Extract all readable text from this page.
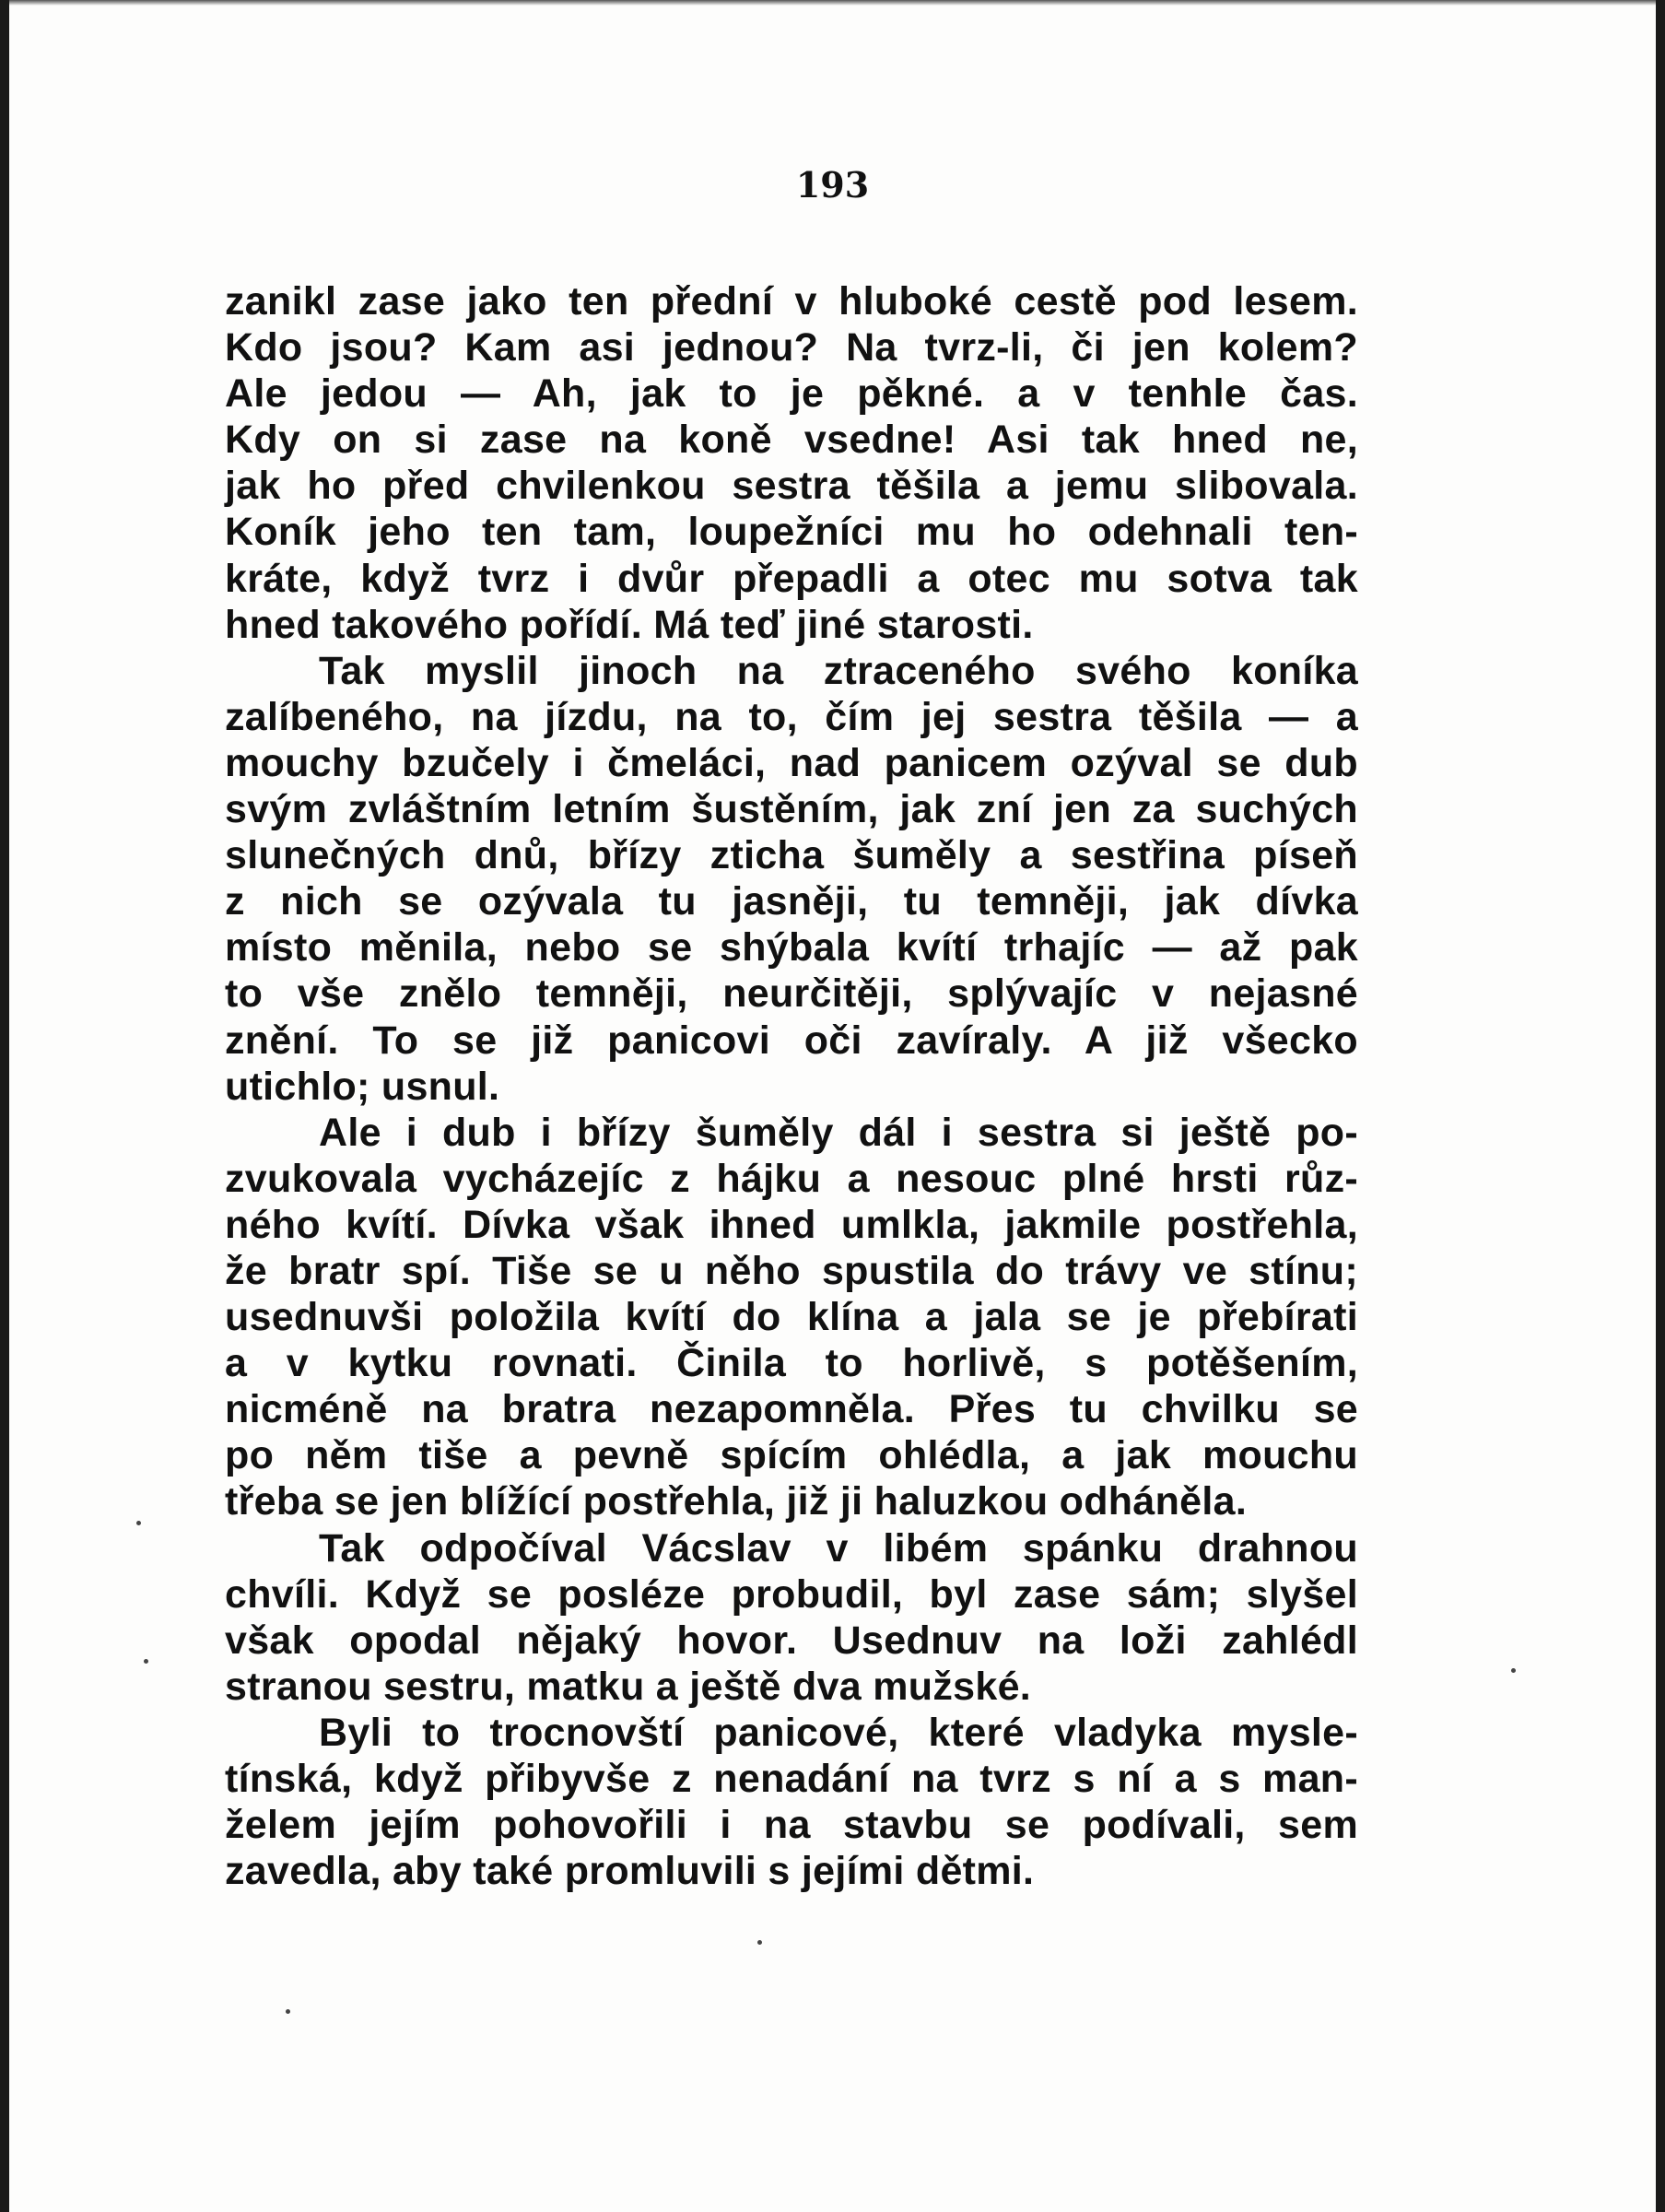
193
zanikl zase jako ten přední v hluboké cestě pod lesem.
Kdo jsou? Kam asi jednou? Na tvrz-li, či jen kolem?
Ale jedou — Ah, jak to je pěkné. a v tenhle čas.
Kdy on si zase na koně vsedne! Asi tak hned ne,
jak ho před chvilenkou sestra těšila a jemu slibovala.
Koník jeho ten tam, loupežníci mu ho odehnali ten-
kráte, když tvrz i dvůr přepadli a otec mu sotva tak
hned takového pořídí. Má teď jiné starosti.
Tak myslil jinoch na ztraceného svého koníka
zalíbeného, na jízdu, na to, čím jej sestra těšila — a
mouchy bzučely i čmeláci, nad panicem ozýval se dub
svým zvláštním letním šustěním, jak zní jen za suchých
slunečných dnů, břízy zticha šuměly a sestřina píseň
z nich se ozývala tu jasněji, tu temněji, jak dívka
místo měnila, nebo se shýbala kvítí trhajíc — až pak
to vše znělo temněji, neurčitěji, splývajíc v nejasné
znění. To se již panicovi oči zavíraly. A již všecko
utichlo; usnul.
Ale i dub i břízy šuměly dál i sestra si ještě po-
zvukovala vycházejíc z hájku a nesouc plné hrsti růz-
ného kvítí. Dívka však ihned umlkla, jakmile postřehla,
že bratr spí. Tiše se u něho spustila do trávy ve stínu;
usednuvši položila kvítí do klína a jala se je přebírati
a v kytku rovnati. Činila to horlivě, s potěšením,
nicméně na bratra nezapomněla. Přes tu chvilku se
po něm tiše a pevně spícím ohlédla, a jak mouchu
třeba se jen blížící postřehla, již ji haluzkou odháněla.
Tak odpočíval Vácslav v libém spánku drahnou
chvíli. Když se posléze probudil, byl zase sám; slyšel
však opodal nějaký hovor. Usednuv na loži zahlédl
stranou sestru, matku a ještě dva mužské.
Byli to trocnovští panicové, které vladyka mysle-
tínská, když přibyvše z nenadání na tvrz s ní a s man-
želem jejím pohovořili i na stavbu se podívali, sem
zavedla, aby také promluvili s jejími dětmi.
